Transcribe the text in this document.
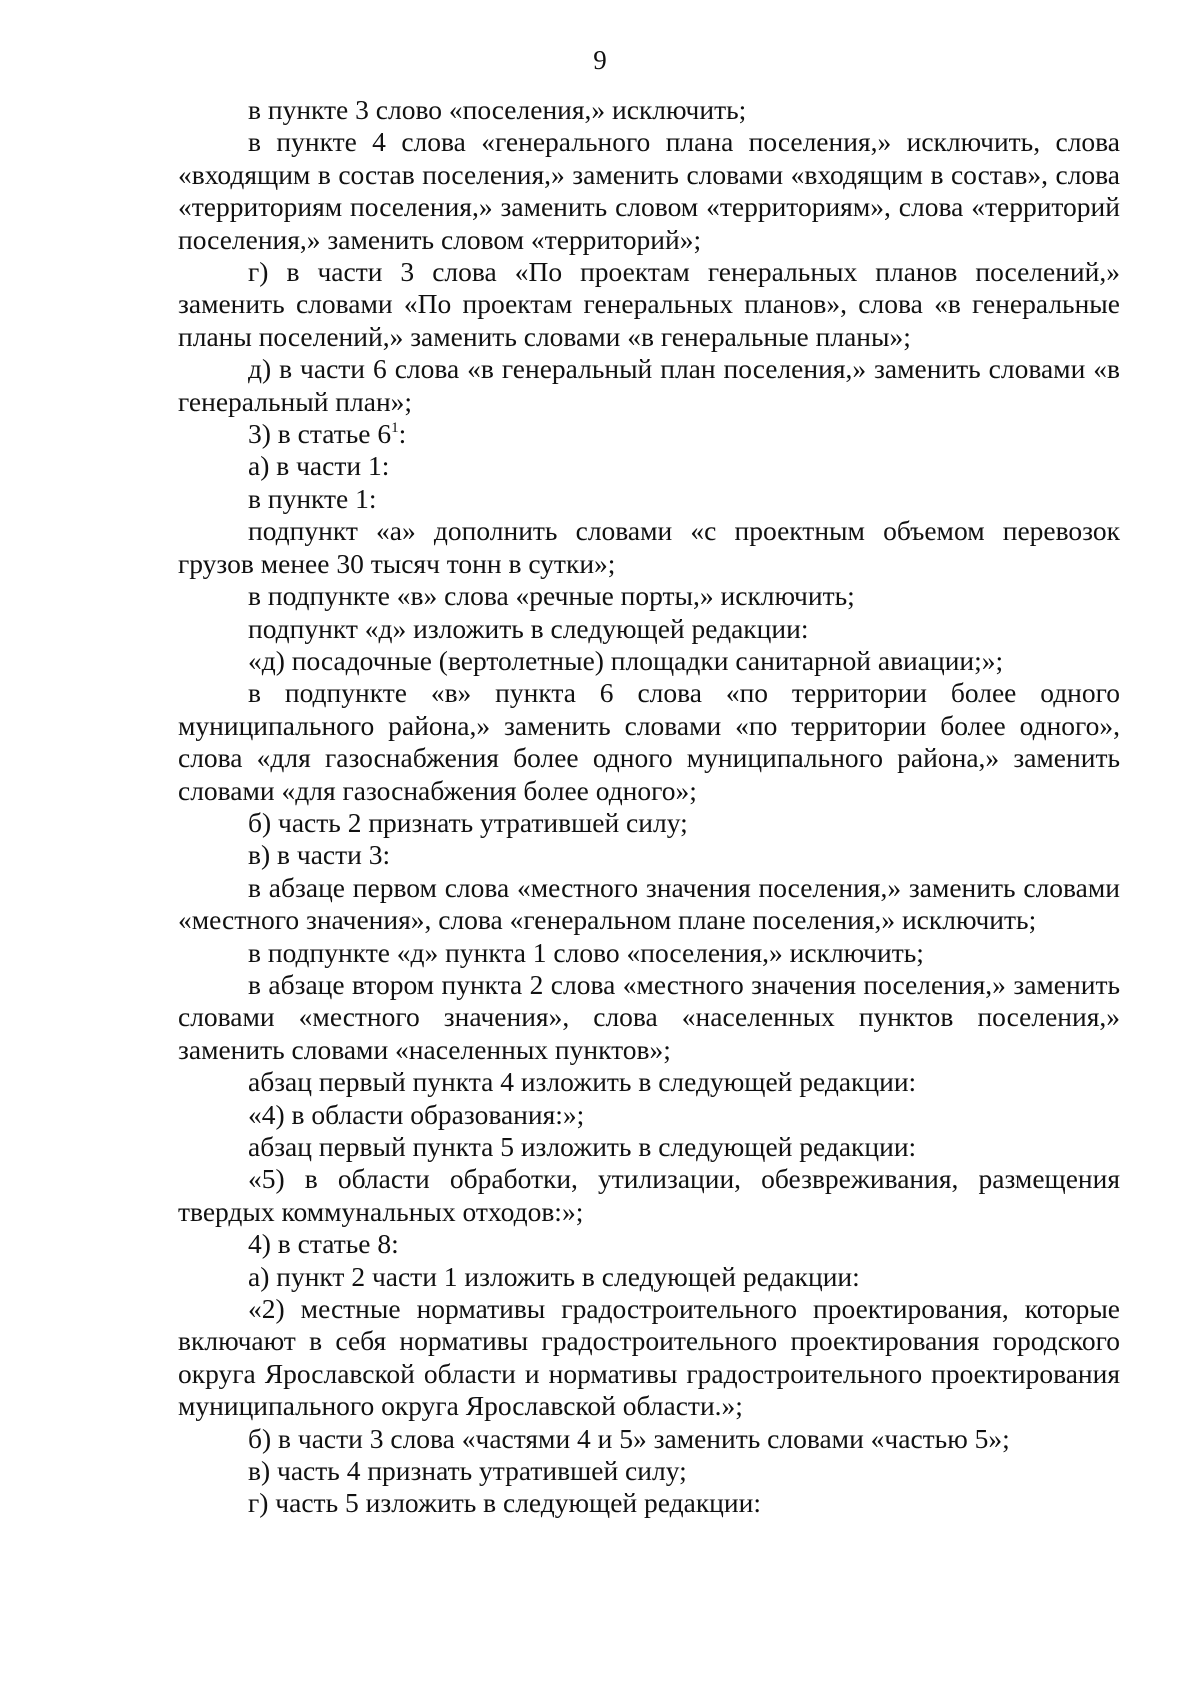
9

в пункте 3 слово «поселения,» исключить;

в пункте 4 слова «генерального плана поселения,» исключить, слова «входящим в состав поселения,» заменить словами «входящим в состав», слова «территориям поселения,» заменить словом «территориям», слова «территорий поселения,» заменить словом «территорий»;

г) в части 3 слова «По проектам генеральных планов поселений,» заменить словами «По проектам генеральных планов», слова «в генеральные планы поселений,» заменить словами «в генеральные планы»;

д) в части 6 слова «в генеральный план поселения,» заменить словами «в генеральный план»;

3) в статье $6^1$:

а) в части 1:

в пункте 1:

подпункт «а» дополнить словами «с проектным объемом перевозок грузов менее 30 тысяч тонн в сутки»;

в подпункте «в» слова «речные порты,» исключить;

подпункт «д» изложить в следующей редакции:

«д) посадочные (вертолетные) площадки санитарной авиации;»;

в подпункте «в» пункта 6 слова «по территории более одного муниципального района,» заменить словами «по территории более одного», слова «для газоснабжения более одного муниципального района,» заменить словами «для газоснабжения более одного»;

б) часть 2 признать утратившей силу;

в) в части 3:

в абзаце первом слова «местного значения поселения,» заменить словами «местного значения», слова «генеральном плане поселения,» исключить;

в подпункте «д» пункта 1 слово «поселения,» исключить;

в абзаце втором пункта 2 слова «местного значения поселения,» заменить словами «местного значения», слова «населенных пунктов поселения,» заменить словами «населенных пунктов»;

абзац первый пункта 4 изложить в следующей редакции:

«4) в области образования:»;

абзац первый пункта 5 изложить в следующей редакции:

«5) в области обработки, утилизации, обезвреживания, размещения твердых коммунальных отходов:»;

4) в статье 8:

а) пункт 2 части 1 изложить в следующей редакции:

«2) местные нормативы градостроительного проектирования, которые включают в себя нормативы градостроительного проектирования городского округа Ярославской области и нормативы градостроительного проектирования муниципального округа Ярославской области.»;

б) в части 3 слова «частями 4 и 5» заменить словами «частью 5»;

в) часть 4 признать утратившей силу;

г) часть 5 изложить в следующей редакции:
